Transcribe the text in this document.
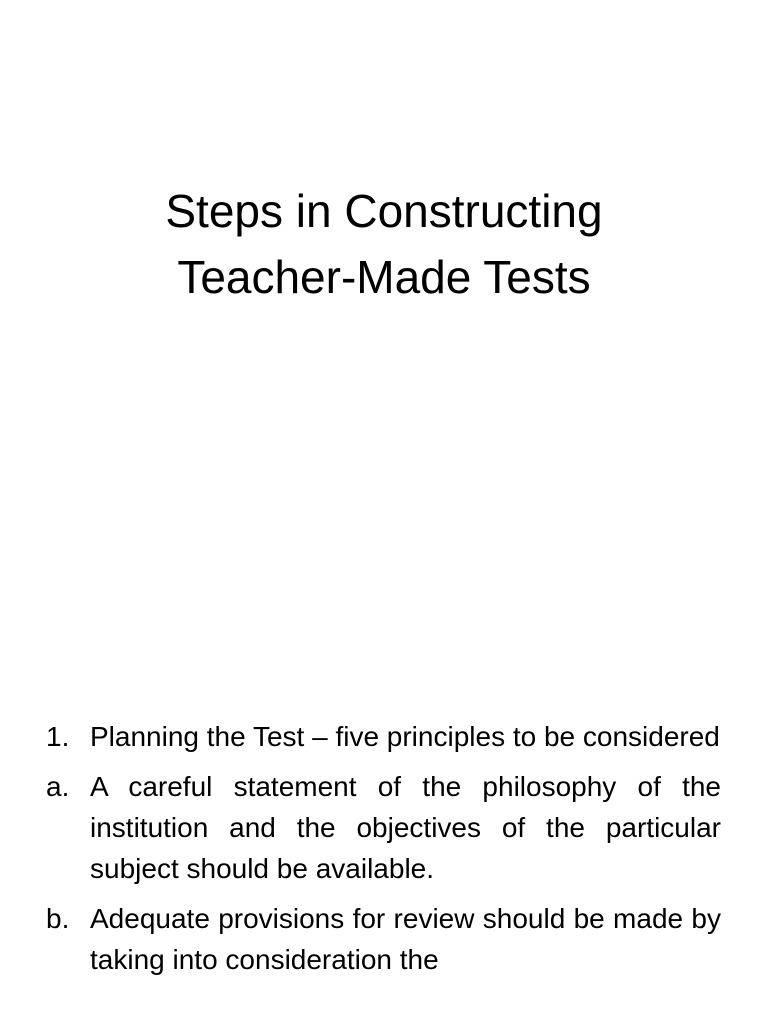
Steps in Constructing
Teacher-Made Tests
1. Planning the Test – five principles to be considered
a. A careful statement of the philosophy of the institution and the objectives of the particular subject should be available.
b. Adequate provisions for review should be made by taking into consideration the
